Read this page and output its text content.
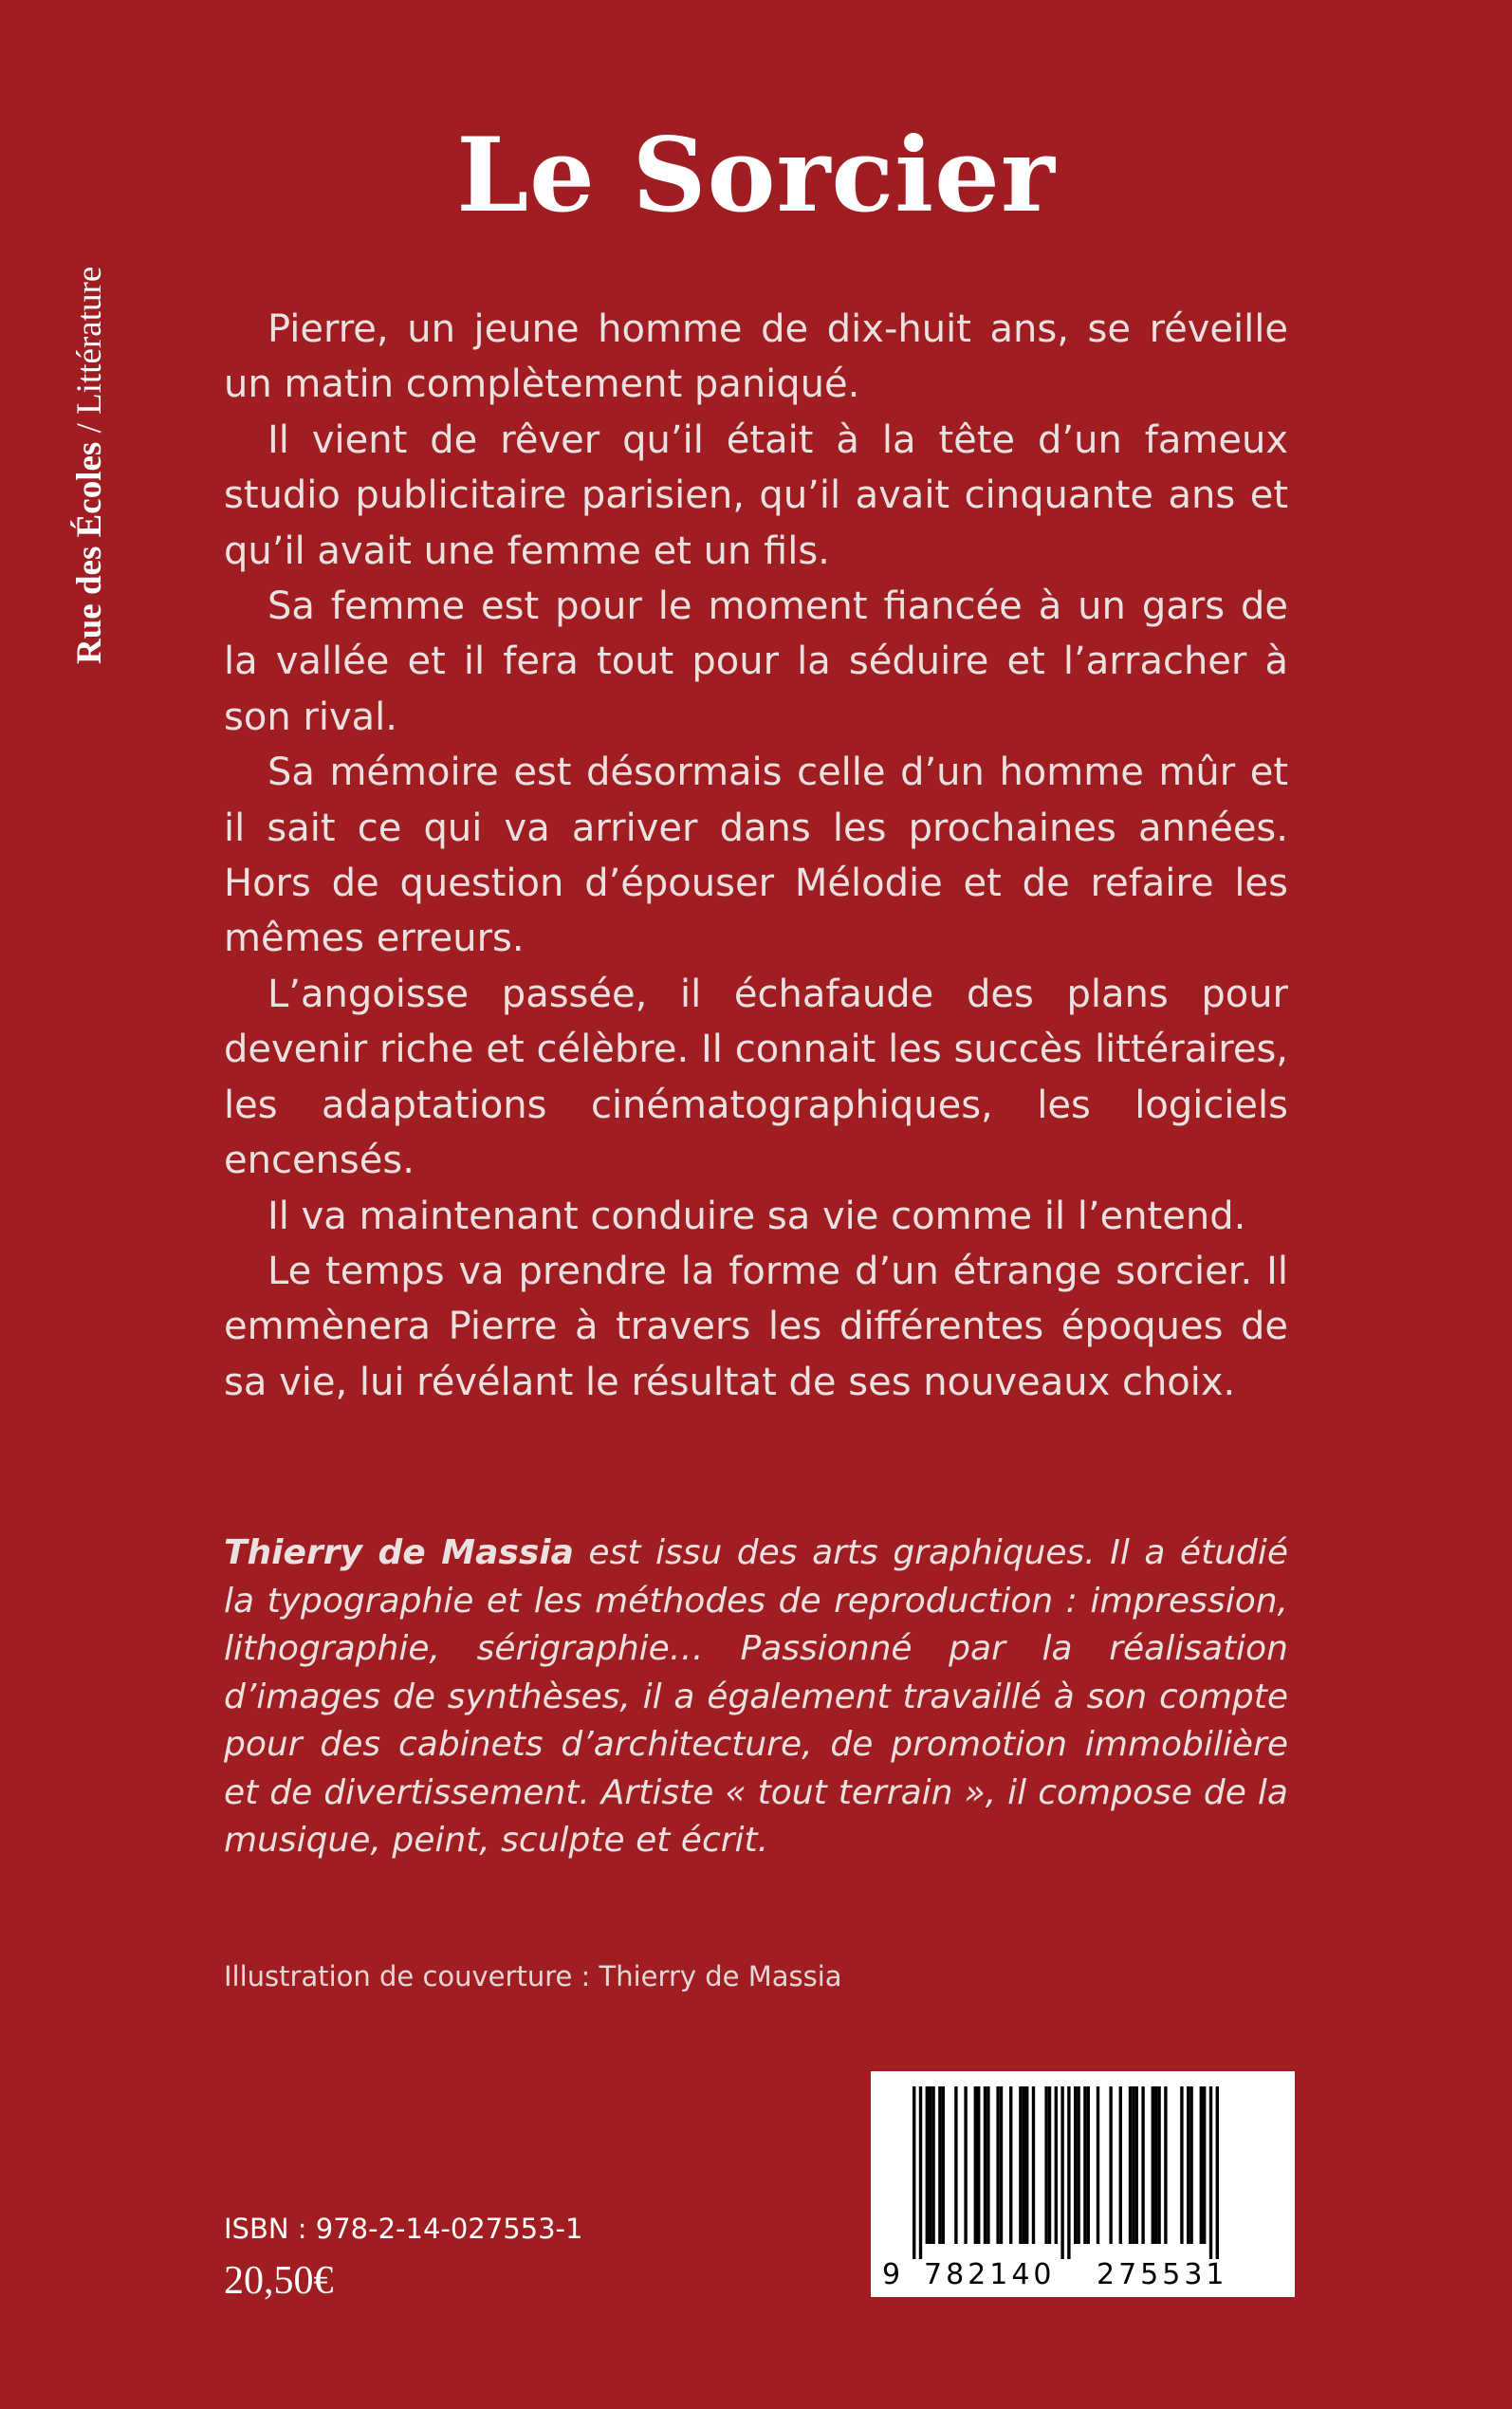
Rue des Écoles / Littérature
Le Sorcier

Pierre, un jeune homme de dix-huit ans, se réveille un matin complètement paniqué.

Il vient de rêver qu’il était à la tête d’un fameux studio publicitaire parisien, qu’il avait cinquante ans et qu’il avait une femme et un fils.

Sa femme est pour le moment fiancée à un gars de la vallée et il fera tout pour la séduire et l’arracher à son rival.

Sa mémoire est désormais celle d’un homme mûr et il sait ce qui va arriver dans les prochaines années. Hors de question d’épouser Mélodie et de refaire les mêmes erreurs.

L’angoisse passée, il échafaude des plans pour devenir riche et célèbre. Il connait les succès littéraires, les adaptations cinématographiques, les logiciels encensés.

Il va maintenant conduire sa vie comme il l’entend.

Le temps va prendre la forme d’un étrange sorcier. Il emmènera Pierre à travers les différentes époques de sa vie, lui révélant le résultat de ses nouveaux choix.

Thierry de Massia est issu des arts graphiques. Il a étudié la typographie et les méthodes de reproduction : impression, lithographie, sérigraphie… Passionné par la réalisation d’images de synthèses, il a également travaillé à son compte pour des cabinets d’architecture, de promotion immobilière et de divertissement. Artiste « tout terrain », il compose de la musique, peint, sculpte et écrit.

Illustration de couverture : Thierry de Massia

9 782140 275531
ISBN : 978-2-14-027553-1
20,50€
